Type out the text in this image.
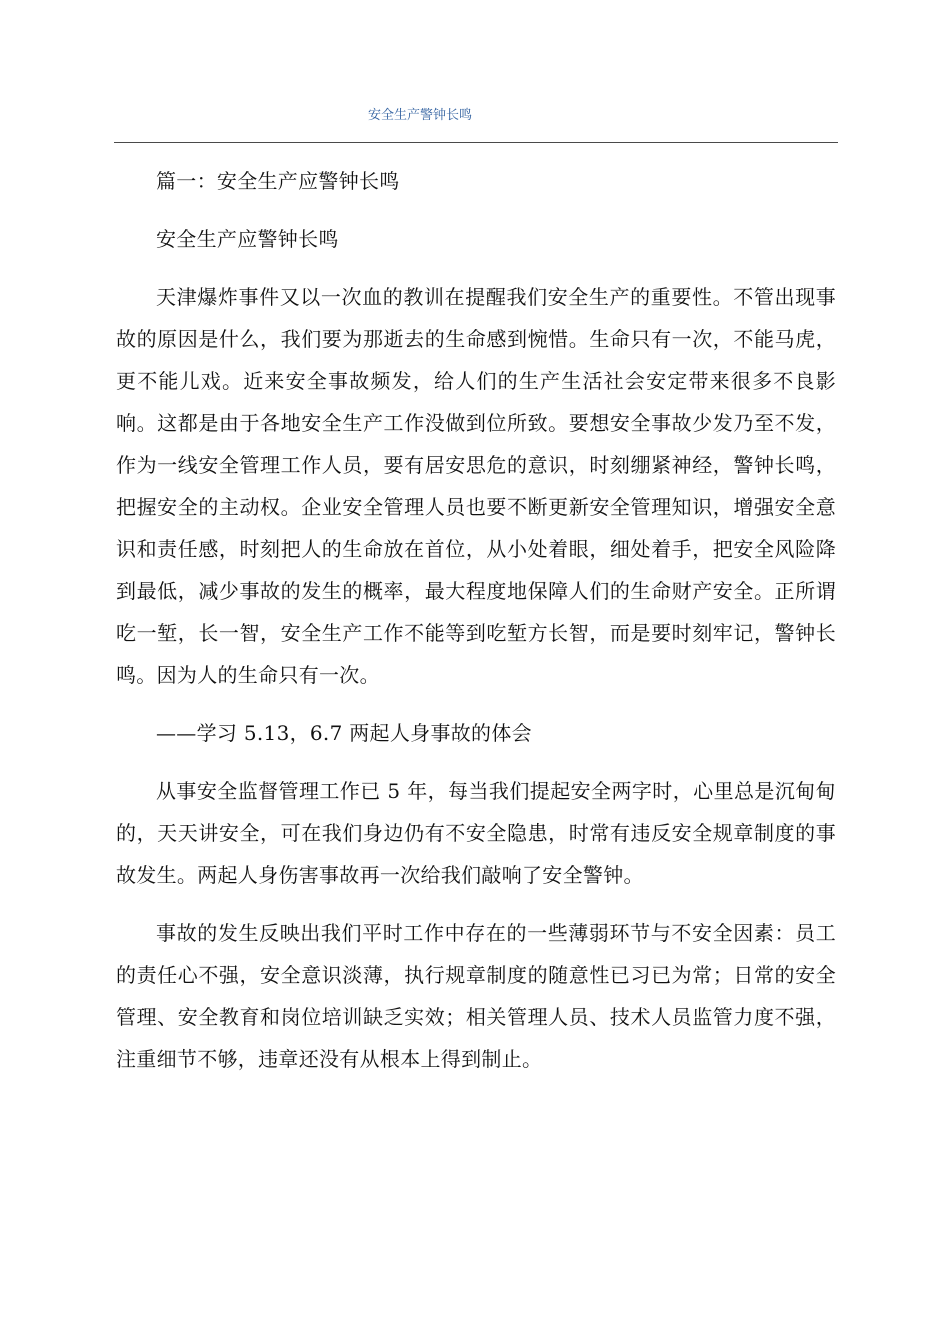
安全生产警钟长鸣

篇一：安全生产应警钟长鸣

安全生产应警钟长鸣

天津爆炸事件又以一次血的教训在提醒我们安全生产的重要性。不管出现事故的原因是什么，我们要为那逝去的生命感到惋惜。生命只有一次，不能马虎，更不能儿戏。近来安全事故频发，给人们的生产生活社会安定带来很多不良影响。这都是由于各地安全生产工作没做到位所致。要想安全事故少发乃至不发，作为一线安全管理工作人员，要有居安思危的意识，时刻绷紧神经，警钟长鸣，把握安全的主动权。企业安全管理人员也要不断更新安全管理知识，增强安全意识和责任感，时刻把人的生命放在首位，从小处着眼，细处着手，把安全风险降到最低，减少事故的发生的概率，最大程度地保障人们的生命财产安全。正所谓吃一堑，长一智，安全生产工作不能等到吃堑方长智，而是要时刻牢记，警钟长鸣。因为人的生命只有一次。

——学习 5.13，6.7 两起人身事故的体会

从事安全监督管理工作已 5 年，每当我们提起安全两字时，心里总是沉甸甸的，天天讲安全，可在我们身边仍有不安全隐患，时常有违反安全规章制度的事故发生。两起人身伤害事故再一次给我们敲响了安全警钟。

事故的发生反映出我们平时工作中存在的一些薄弱环节与不安全因素：员工的责任心不强，安全意识淡薄，执行规章制度的随意性已习已为常；日常的安全管理、安全教育和岗位培训缺乏实效；相关管理人员、技术人员监管力度不强，注重细节不够，违章还没有从根本上得到制止。
